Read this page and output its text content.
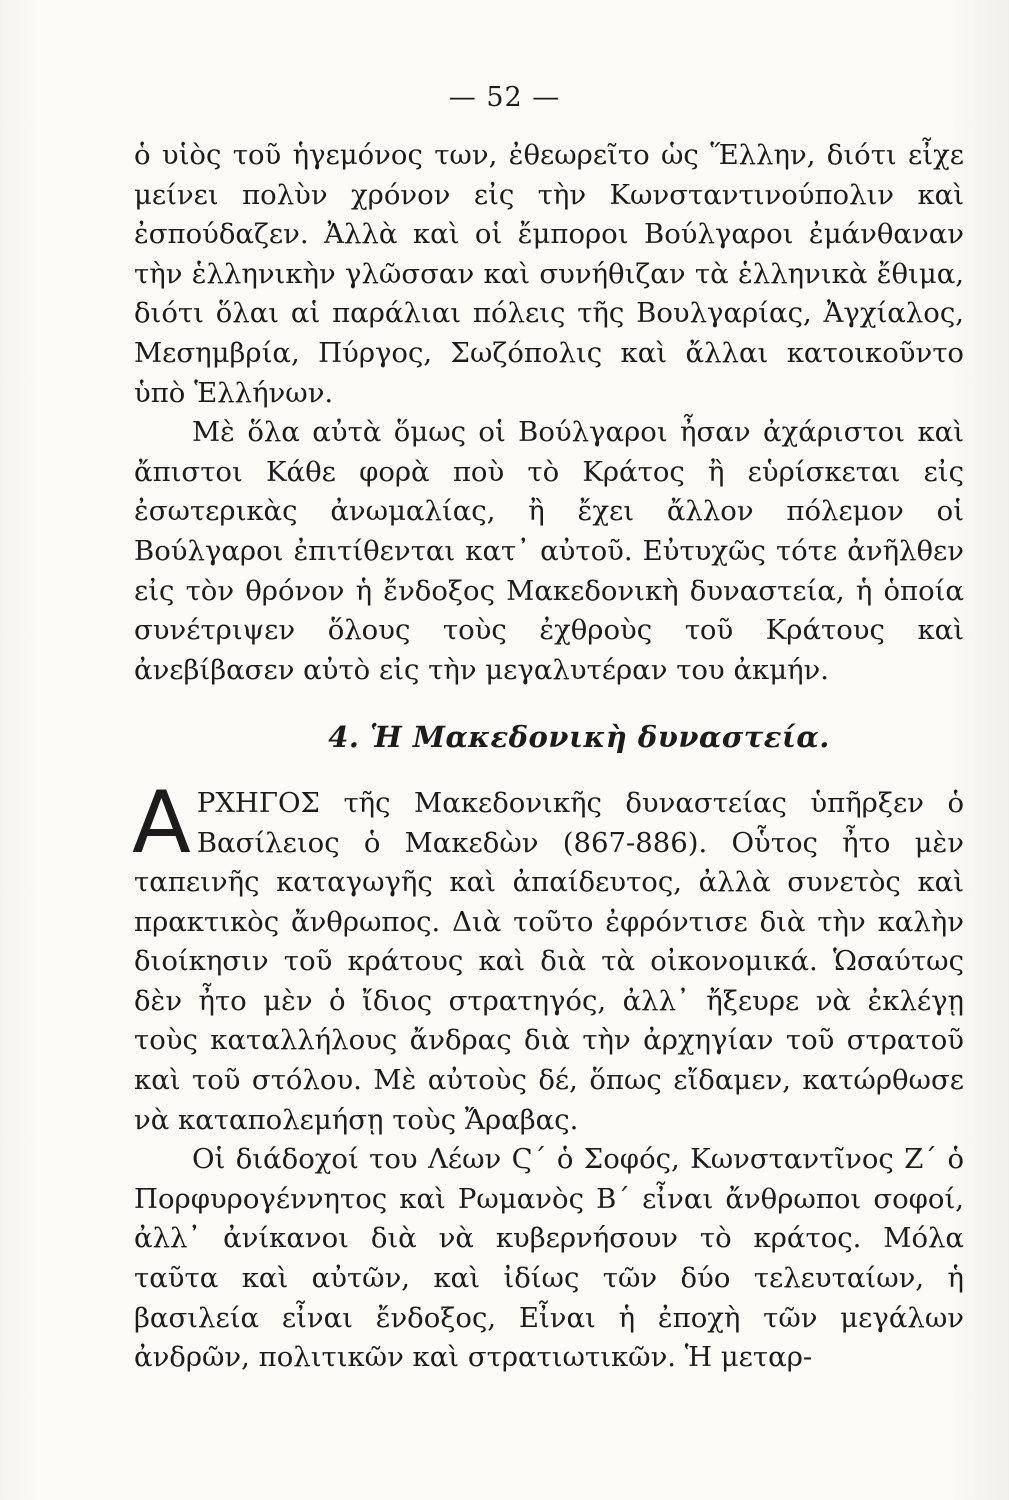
— 52 —

ὁ υἱὸς τοῦ ἡγεμόνος των, ἐθεωρεῖτο ὡς Ἕλλην, διότι εἶχε μείνει πολὺν χρόνον εἰς τὴν Κωνσταντινούπολιν καὶ ἐσπούδαζεν. Ἀλλὰ καὶ οἱ ἔμποροι Βούλγαροι ἐμάνθαναν τὴν ἑλληνικὴν γλῶσσαν καὶ συνήθιζαν τὰ ἑλληνικὰ ἔθιμα, διότι ὅλαι αἱ παράλιαι πόλεις τῆς Βουλγαρίας, Ἀγχίαλος, Μεσημβρία, Πύργος, Σωζόπολις καὶ ἄλλαι κατοικοῦντο ὑπὸ Ἑλλήνων.

Μὲ ὅλα αὐτὰ ὅμως οἱ Βούλγαροι ἦσαν ἀχάριστοι καὶ ἄπιστοι Κάθε φορὰ ποὺ τὸ Κράτος ἢ εὑρίσκεται εἰς ἐσωτερικὰς ἀνωμαλίας, ἢ ἔχει ἄλλον πόλεμον οἱ Βούλγαροι ἐπιτίθενται κατ᾽ αὐτοῦ. Εὐτυχῶς τότε ἀνῆλθεν εἰς τὸν θρόνον ἡ ἔνδοξος Μακεδονικὴ δυναστεία, ἡ ὁποία συνέτριψεν ὅλους τοὺς ἐχθροὺς τοῦ Κράτους καὶ ἀνεβίβασεν αὐτὸ εἰς τὴν μεγαλυτέραν του ἀκμήν.

4. Ἡ Μακεδονικὴ δυναστεία.

ΑΡΧΗΓΟΣ τῆς Μακεδονικῆς δυναστείας ὑπῆρξεν ὁ Βασίλειος ὁ Μακεδὼν (867-886). Οὗτος ἦτο μὲν ταπεινῆς καταγωγῆς καὶ ἀπαίδευτος, ἀλλὰ συνετὸς καὶ πρακτικὸς ἄνθρωπος. Διὰ τοῦτο ἐφρόντισε διὰ τὴν καλὴν διοίκησιν τοῦ κράτους καὶ διὰ τὰ οἰκονομικά. Ὡσαύτως δὲν ἦτο μὲν ὁ ἴδιος στρατηγός, ἀλλ᾽ ἤξευρε νὰ ἐκλέγῃ τοὺς καταλλήλους ἄνδρας διὰ τὴν ἀρχηγίαν τοῦ στρατοῦ καὶ τοῦ στόλου. Μὲ αὐτοὺς δέ, ὅπως εἴδαμεν, κατώρθωσε νὰ καταπολεμήσῃ τοὺς Ἄραβας.

Οἱ διάδοχοί του Λέων Ϛ΄ ὁ Σοφός, Κωνσταντῖνος Ζ΄ ὁ Πορφυρογέννητος καὶ Ρωμανὸς Β΄ εἶναι ἄνθρωποι σοφοί, ἀλλ᾽ ἀνίκανοι διὰ νὰ κυβερνήσουν τὸ κράτος. Μόλα ταῦτα καὶ αὐτῶν, καὶ ἰδίως τῶν δύο τελευταίων, ἡ βασιλεία εἶναι ἔνδοξος, Εἶναι ἡ ἐποχὴ τῶν μεγάλων ἀνδρῶν, πολιτικῶν καὶ στρατιωτικῶν. Ἡ μεταρ-
